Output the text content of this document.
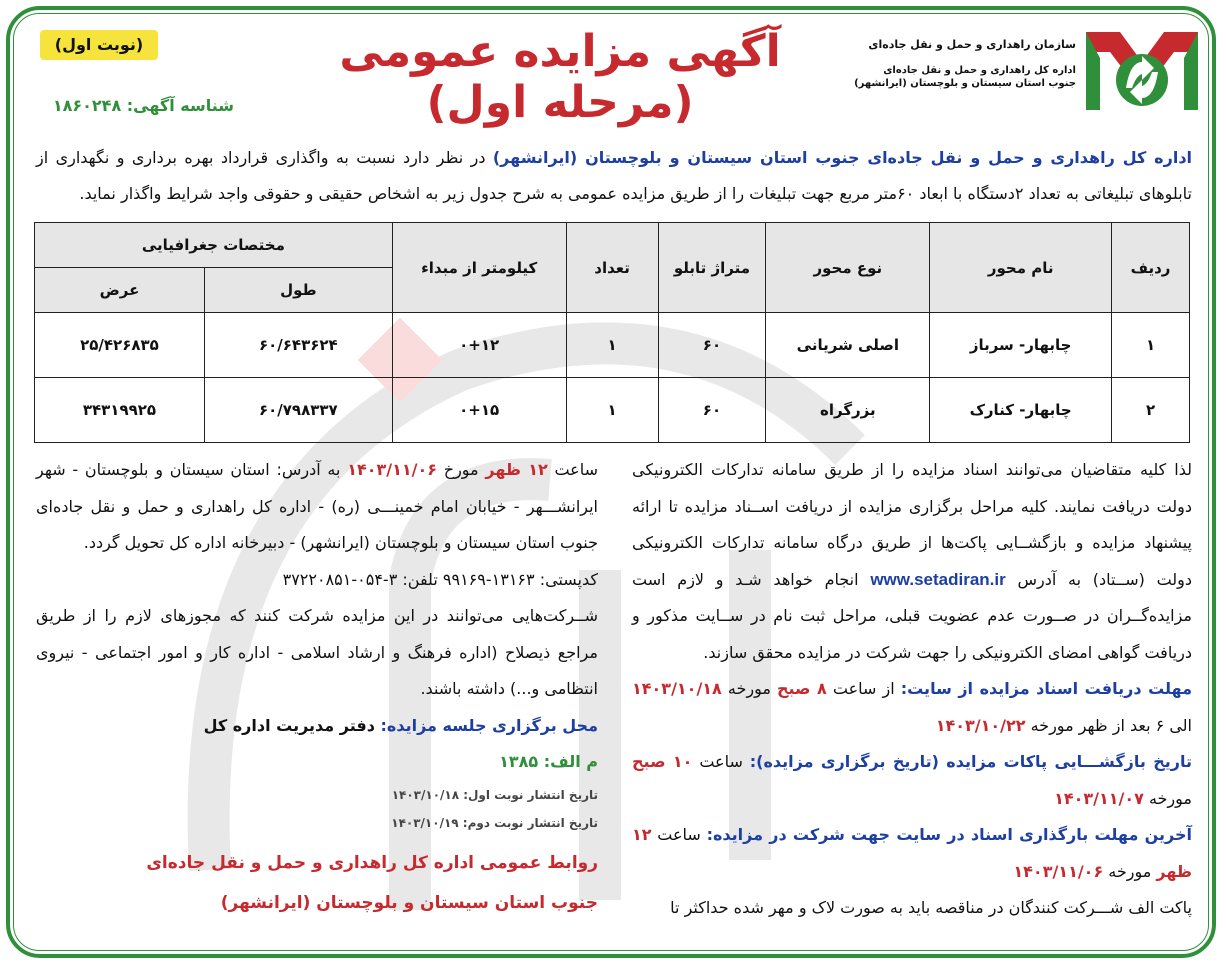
سازمان راهداری و حمل و نقل جاده‌ای
اداره کل راهداری و حمل و نقل جاده‌ای
جنوب استان سیستان و بلوچستان (ایرانشهر)
آگهی مزایده عمومی (مرحله اول)
(نوبت اول)
شناسه آگهی: ۱۸۶۰۲۴۸
اداره کل راهداری و حمل و نقل جاده‌ای جنوب استان سیستان و بلوچستان (ایرانشهر) در نظر دارد نسبت به واگذاری قرارداد بهره برداری و نگهداری از تابلوهای تبلیغاتی به تعداد ۲دستگاه با ابعاد ۶۰متر مربع جهت تبلیغات را از طریق مزایده عمومی به شرح جدول زیر به اشخاص حقیقی و حقوقی واجد شرایط واگذار نماید.
ردیف	نام محور	نوع محور	متراژ تابلو	تعداد	کیلومتر از مبداء	مختصات جغرافیایی	
						طول	عرض
۱	چابهار- سرباز	اصلی شریانی	۶۰	۱	۰+۱۲	۶۰/۶۴۳۶۲۴	۲۵/۴۲۶۸۳۵
۲	چابهار- کنارک	بزرگراه	۶۰	۱	۰+۱۵	۶۰/۷۹۸۳۳۷	۳۴۳۱۹۹۲۵

لذا کلیه متقاضیان می‌توانند اسناد مزایده را از طریق سامانه تدارکات الکترونیکی دولت دریافت نمایند. کلیه مراحل برگزاری مزایده از دریافت اســناد مزایده تا ارائه پیشنهاد مزایده و بازگشــایی پاکت‌ها از طریق درگاه سامانه تدارکات الکترونیکی دولت (ســتاد) به آدرس www.setadiran.ir انجام خواهد شـد و لازم است مزایده‌گــران در صــورت عدم عضویت قبلی، مراحل ثبت نام در ســایت مذکور و دریافت گواهی امضای الکترونیکی را جهت شرکت در مزایده محقق سازند.

مهلت دریافت اسناد مزایده از سایت: از ساعت ۸ صبح مورخه ۱۴۰۳/۱۰/۱۸ الی ۶ بعد از ظهر مورخه ۱۴۰۳/۱۰/۲۲

تاریخ بازگشـــایی پاکات مزایده (تاریخ برگزاری مزایده): ساعت ۱۰ صبح مورخه ۱۴۰۳/۱۱/۰۷

آخرین مهلت بارگذاری اسناد در سایت جهت شرکت در مزایده: ساعت ۱۲ ظهر مورخه ۱۴۰۳/۱۱/۰۶

پاکت الف شـــرکت کنندگان در مناقصه باید به صورت لاک و مهر شده حداکثر تا

ساعت ۱۲ ظهر مورخ ۱۴۰۳/۱۱/۰۶ به آدرس: استان سیستان و بلوچستان - شهر ایرانشـــهر - خیابان امام خمینـــی (ره) - اداره کل راهداری و حمل و نقل جاده‌ای جنوب استان سیستان و بلوچستان (ایرانشهر) - دبیرخانه اداره کل تحویل گردد.

کدپستی: ۱۳۱۶۳-۹۹۱۶۹ تلفن: ۳-۰۵۴-۳۷۲۲۰۸۵۱

شــرکت‌هایی می‌توانند در این مزایده شرکت کنند که مجوزهای لازم را از طریق مراجع ذیصلاح (اداره فرهنگ و ارشاد اسلامی - اداره کار و امور اجتماعی - نیروی انتظامی و...) داشته باشند.

محل برگزاری جلسه مزایده: دفتر مدیریت اداره کل

م الف: ۱۳۸۵

تاریخ انتشار نوبت اول: ۱۴۰۳/۱۰/۱۸

تاریخ انتشار نوبت دوم: ۱۴۰۳/۱۰/۱۹

روابط عمومی اداره کل راهداری و حمل و نقل جاده‌ای

جنوب استان سیستان و بلوچستان (ایرانشهر)
